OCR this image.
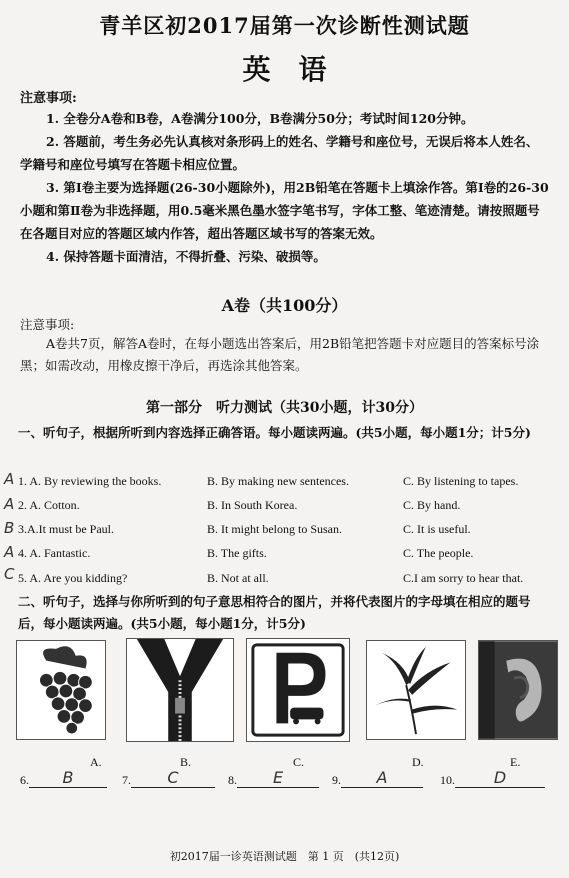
青羊区初2017届第一次诊断性测试题
英语
注意事项:
1. 全卷分A卷和B卷，A卷满分100分，B卷满分50分；考试时间120分钟。
2. 答题前，考生务必先认真核对条形码上的姓名、学籍号和座位号，无误后将本人姓名、学籍号和座位号填写在答题卡相应位置。
3. 第Ⅰ卷主要为选择题(26-30小题除外)，用2B铅笔在答题卡上填涂作答。第Ⅰ卷的26-30小题和第Ⅱ卷为非选择题，用0.5毫米黑色墨水签字笔书写，字体工整、笔迹清楚。请按照题号在各题目对应的答题区域内作答，超出答题区域书写的答案无效。
4. 保持答题卡面清洁，不得折叠、污染、破损等。
A卷（共100分）
注意事项:
A卷共7页，解答A卷时，在每小题选出答案后，用2B铅笔把答题卡对应题目的答案标号涂黑；如需改动，用橡皮擦干净后，再选涂其他答案。
第一部分　听力测试（共30小题，计30分）
一、听句子，根据所听到内容选择正确答语。每小题读两遍。(共5小题，每小题1分；计5分)
A 1. A. By reviewing the books.	B. By making new sentences.	C. By listening to tapes.
A 2. A. Cotton.	B. In South Korea.	C. By hand.
B 3.A.It must be Paul.	B. It might belong to Susan.	C. It is useful.
A 4. A. Fantastic.	B. The gifts.	C. The people.
C 5. A. Are you kidding?	B. Not at all.	C.I am sorry to hear that.
二、听句子，选择与你所听到的句子意思相符合的图片，并将代表图片的字母填在相应的题号后，每小题读两遍。(共5小题，每小题1分，计5分)
A.	B.	C.	D.	E.
6.	B	7.	C	8.	E	9.	A	10.	D
初2017届一诊英语测试题　第 1 页　(共12页)
